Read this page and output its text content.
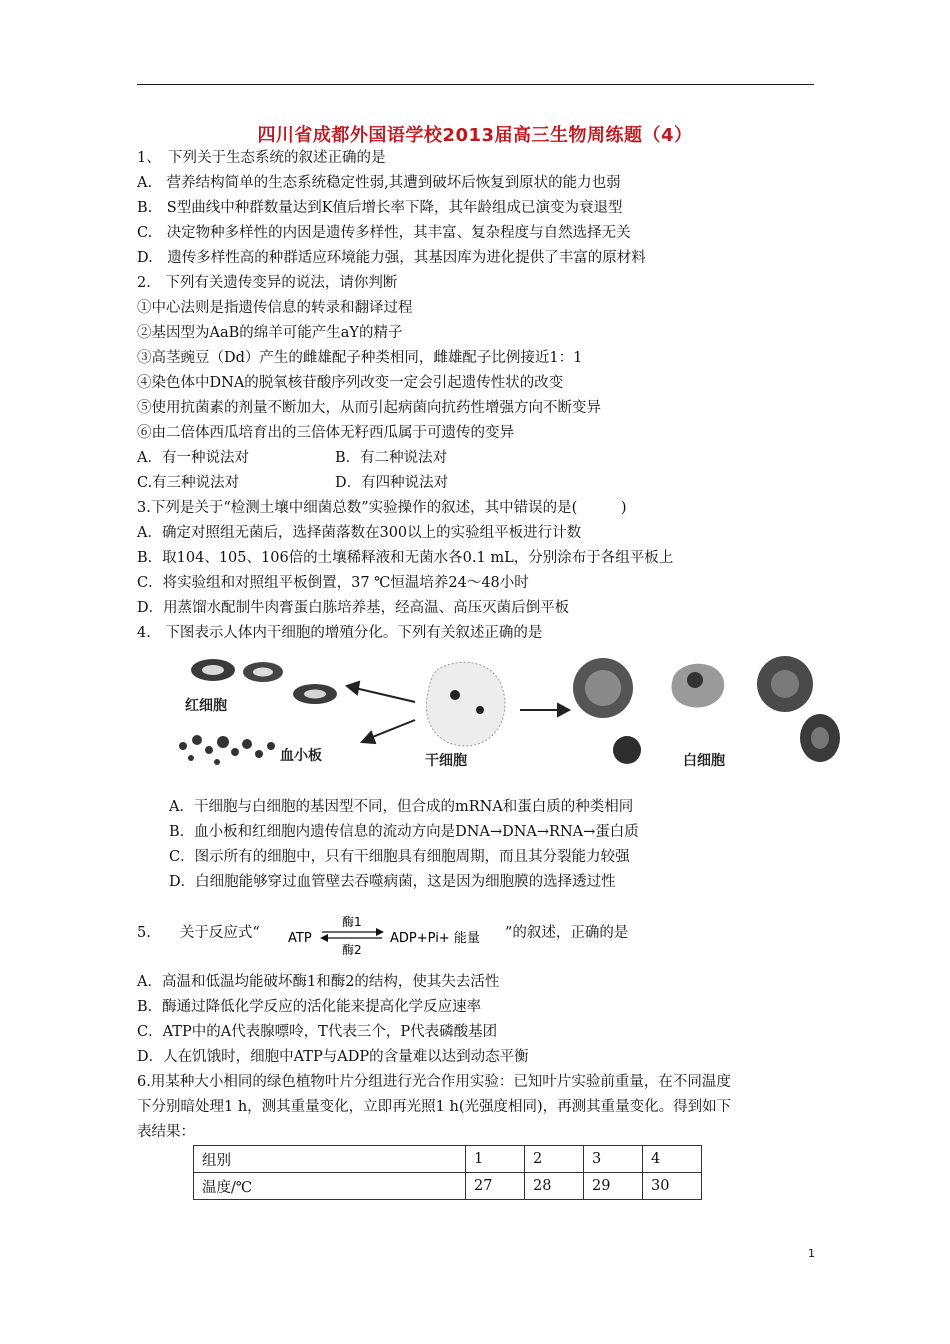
四川省成都外国语学校2013届高三生物周练题（4）
1、　下列关于生态系统的叙述正确的是
A.　营养结构简单的生态系统稳定性弱,其遭到破坏后恢复到原状的能力也弱
B.　S型曲线中种群数量达到K值后增长率下降，其年龄组成已演变为衰退型
C.　决定物种多样性的内因是遗传多样性，其丰富、复杂程度与自然选择无关
D.　遗传多样性高的种群适应环境能力强，其基因库为进化提供了丰富的原材料
2.　下列有关遗传变异的说法，请你判断
①中心法则是指遗传信息的转录和翻译过程
②基因型为AaB的绵羊可能产生aY的精子
③高茎豌豆（Dd）产生的雌雄配子种类相同，雌雄配子比例接近1：1
④染色体中DNA的脱氧核苷酸序列改变一定会引起遗传性状的改变
⑤使用抗菌素的剂量不断加大，从而引起病菌向抗药性增强方向不断变异
⑥由二倍体西瓜培育出的三倍体无籽西瓜属于可遗传的变异
A．有一种说法对	B．有二种说法对
C.有三种说法对	D．有四种说法对
3.下列是关于“检测土壤中细菌总数”实验操作的叙述，其中错误的是(　　　)
A．确定对照组无菌后，选择菌落数在300以上的实验组平板进行计数
B．取104、105、106倍的土壤稀释液和无菌水各0.1 mL，分别涂布于各组平板上
C．将实验组和对照组平板倒置，37 ℃恒温培养24～48小时
D．用蒸馏水配制牛肉膏蛋白胨培养基，经高温、高压灭菌后倒平板
4.　下图表示人体内干细胞的增殖分化。下列有关叙述正确的是
红细胞
血小板	干细胞	白细胞
A．干细胞与白细胞的基因型不同，但合成的mRNA和蛋白质的种类相同
B．血小板和红细胞内遗传信息的流动方向是DNA→DNA→RNA→蛋白质
C．图示所有的细胞中，只有干细胞具有细胞周期，而且其分裂能力较强
D．白细胞能够穿过血管壁去吞噬病菌，这是因为细胞膜的选择透过性
5.　　关于反应式“ ATP
酶1
酶2
ADP+Pi+ 能量 ”的叙述，正确的是
A．高温和低温均能破坏酶1和酶2的结构，使其失去活性
B．酶通过降低化学反应的活化能来提高化学反应速率
C．ATP中的A代表腺嘌呤，T代表三个，P代表磷酸基团
D．人在饥饿时，细胞中ATP与ADP的含量难以达到动态平衡
6.用某种大小相同的绿色植物叶片分组进行光合作用实验：已知叶片实验前重量，在不同温度
下分别暗处理1 h，测其重量变化，立即再光照1 h(光强度相同)，再测其重量变化。得到如下
表结果：
组别	1	2	3	4
温度/℃	27	28	29	30
1
